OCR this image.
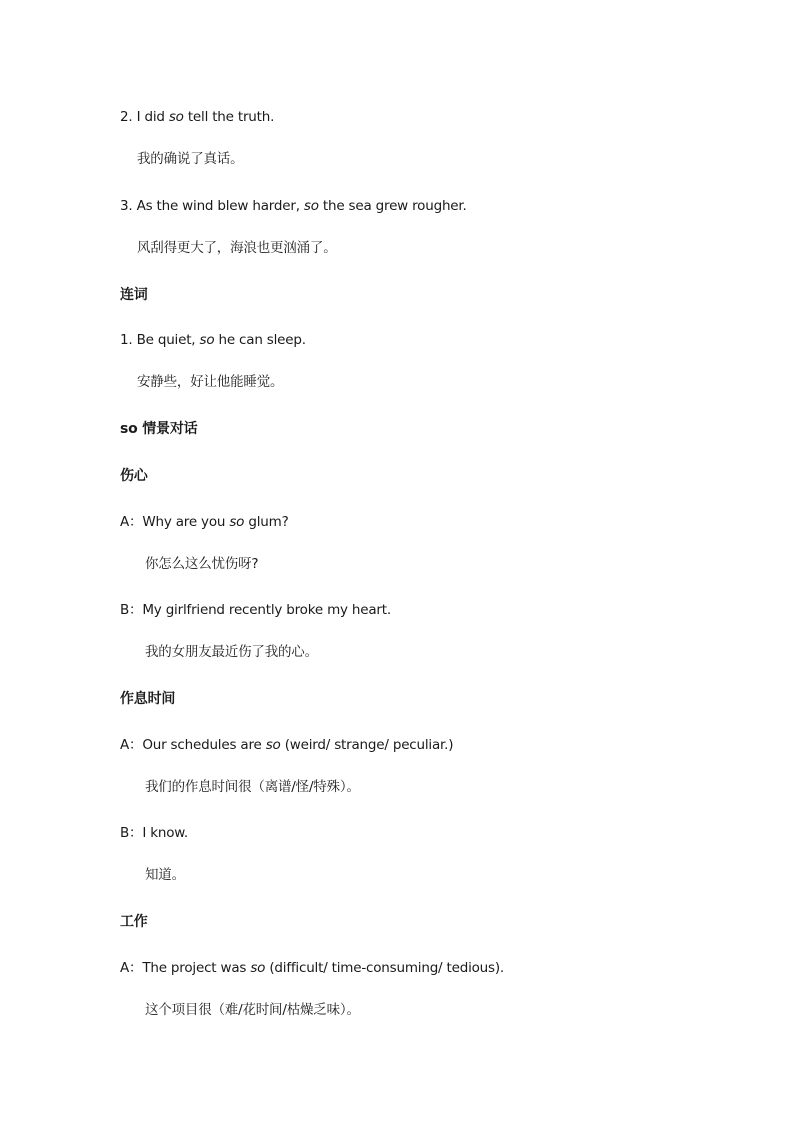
2. I did so tell the truth.
我的确说了真话。
3. As the wind blew harder, so the sea grew rougher.
风刮得更大了，海浪也更汹涌了。
连词
1. Be quiet, so he can sleep.
安静些，好让他能睡觉。
so 情景对话
伤心
A：Why are you so glum?
你怎么这么忧伤呀?
B：My girlfriend recently broke my heart.
我的女朋友最近伤了我的心。
作息时间
A：Our schedules are so (weird/ strange/ peculiar.)
我们的作息时间很（离谱/怪/特殊）。
B：I know.
知道。
工作
A：The project was so (difficult/ time-consuming/ tedious).
这个项目很（难/花时间/枯燥乏味）。
